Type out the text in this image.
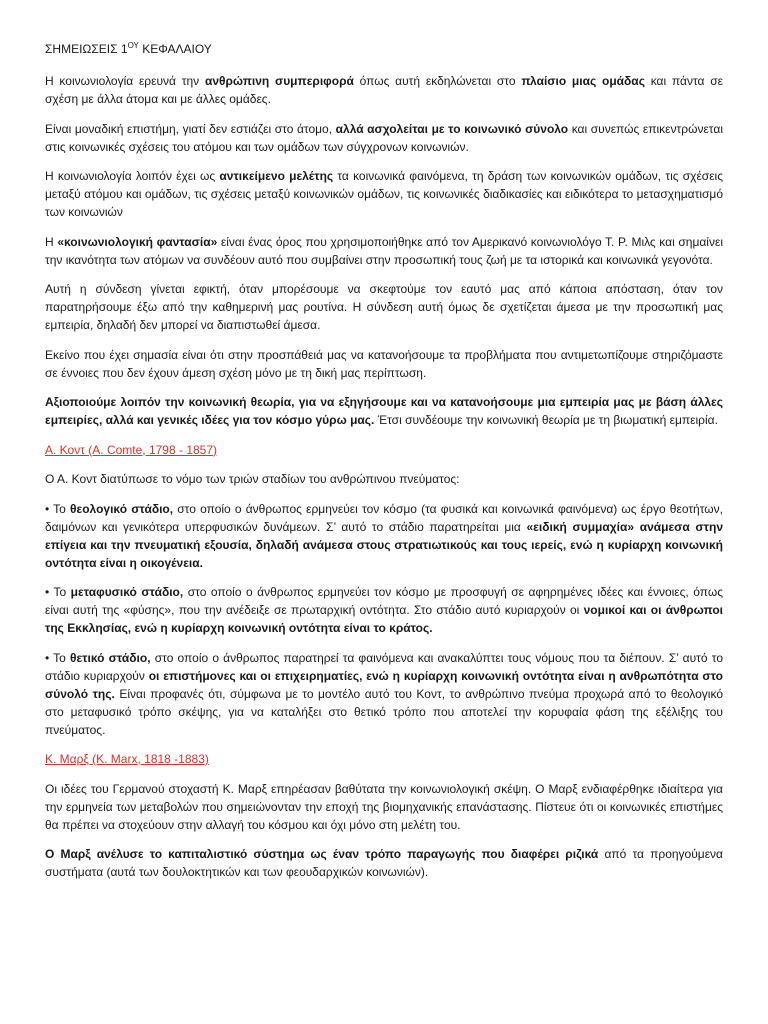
ΣΗΜΕΙΩΣΕΙΣ $1^{O\Upsilon}$ ΚΕΦΑΛΑΙΟΥ

Η κοινωνιολογία ερευνά την ανθρώπινη συμπεριφορά όπως αυτή εκδηλώνεται στο πλαίσιο μιας ομάδας και πάντα σε σχέση με άλλα άτομα και με άλλες ομάδες.

Είναι μοναδική επιστήμη, γιατί δεν εστιάζει στο άτομο, αλλά ασχολείται με το κοινωνικό σύνολο και συνεπώς επικεντρώνεται στις κοινωνικές σχέσεις του ατόμου και των ομάδων των σύγχρονων κοινωνιών.

Η κοινωνιολογία λοιπόν έχει ως αντικείμενο μελέτης τα κοινωνικά φαινόμενα, τη δράση των κοινωνικών ομάδων, τις σχέσεις μεταξύ ατόμου και ομάδων, τις σχέσεις μεταξύ κοινωνικών ομάδων, τις κοινωνικές διαδικασίες και ειδικότερα το μετασχηματισμό των κοινωνιών

Η «κοινωνιολογική φαντασία» είναι ένας όρος που χρησιμοποιήθηκε από τον Αμερικανό κοινωνιολόγο Τ. Ρ. Μιλς και σημαίνει την ικανότητα των ατόμων να συνδέουν αυτό που συμβαίνει στην προσωπική τους ζωή με τα ιστορικά και κοινωνικά γεγονότα.

Αυτή η σύνδεση γίνεται εφικτή, όταν μπορέσουμε να σκεφτούμε τον εαυτό μας από κάποια απόσταση, όταν τον παρατηρήσουμε έξω από την καθημερινή μας ρουτίνα. Η σύνδεση αυτή όμως δε σχετίζεται άμεσα με την προσωπική μας εμπειρία, δηλαδή δεν μπορεί να διαπιστωθεί άμεσα.

Εκείνο που έχει σημασία είναι ότι στην προσπάθειά μας να κατανοήσουμε τα προβλήματα που αντιμετωπίζουμε στηριζόμαστε σε έννοιες που δεν έχουν άμεση σχέση μόνο με τη δική μας περίπτωση.

Αξιοποιούμε λοιπόν την κοινωνική θεωρία, για να εξηγήσουμε και να κατανοήσουμε μια εμπειρία μας με βάση άλλες εμπειρίες, αλλά και γενικές ιδέες για τον κόσμο γύρω μας. Έτσι συνδέουμε την κοινωνική θεωρία με τη βιωματική εμπειρία.

Α. Κοντ (A. Comte, 1798 - 1857)

Ο Α. Κοντ διατύπωσε το νόμο των τριών σταδίων του ανθρώπινου πνεύματος:

• Το θεολογικό στάδιο, στο οποίο ο άνθρωπος ερμηνεύει τον κόσμο (τα φυσικά και κοινωνικά φαινόμενα) ως έργο θεοτήτων, δαιμόνων και γενικότερα υπερφυσικών δυνάμεων. Σ’ αυτό το στάδιο παρατηρείται μια «ειδική συμμαχία» ανάμεσα στην επίγεια και την πνευματική εξουσία, δηλαδή ανάμεσα στους στρατιωτικούς και τους ιερείς, ενώ η κυρίαρχη κοινωνική οντότητα είναι η οικογένεια.

• Το μεταφυσικό στάδιο, στο οποίο ο άνθρωπος ερμηνεύει τον κόσμο με προσφυγή σε αφηρημένες ιδέες και έννοιες, όπως είναι αυτή της «φύσης», που την ανέδειξε σε πρωταρχική οντότητα. Στο στάδιο αυτό κυριαρχούν οι νομικοί και οι άνθρωποι της Εκκλησίας, ενώ η κυρίαρχη κοινωνική οντότητα είναι το κράτος.

• Το θετικό στάδιο, στο οποίο ο άνθρωπος παρατηρεί τα φαινόμενα και ανακαλύπτει τους νόμους που τα διέπουν. Σ’ αυτό το στάδιο κυριαρχούν οι επιστήμονες και οι επιχειρηματίες, ενώ η κυρίαρχη κοινωνική οντότητα είναι η ανθρωπότητα στο σύνολό της. Είναι προφανές ότι, σύμφωνα με το μοντέλο αυτό του Κοντ, το ανθρώπινο πνεύμα προχωρά από το θεολογικό στο μεταφυσικό τρόπο σκέψης, για να καταλήξει στο θετικό τρόπο που αποτελεί την κορυφαία φάση της εξέλιξης του πνεύματος.

Κ. Μαρξ (K. Marx, 1818 -1883)

Οι ιδέες του Γερμανού στοχαστή Κ. Μαρξ επηρέασαν βαθύτατα την κοινωνιολογική σκέψη. Ο Μαρξ ενδιαφέρθηκε ιδιαίτερα για την ερμηνεία των μεταβολών που σημειώνονταν την εποχή της βιομηχανικής επανάστασης. Πίστευε ότι οι κοινωνικές επιστήμες θα πρέπει να στοχεύουν στην αλλαγή του κόσμου και όχι μόνο στη μελέτη του.

Ο Μαρξ ανέλυσε το καπιταλιστικό σύστημα ως έναν τρόπο παραγωγής που διαφέρει ριζικά από τα προηγούμενα συστήματα (αυτά των δουλοκτητικών και των φεουδαρχικών κοινωνιών).
